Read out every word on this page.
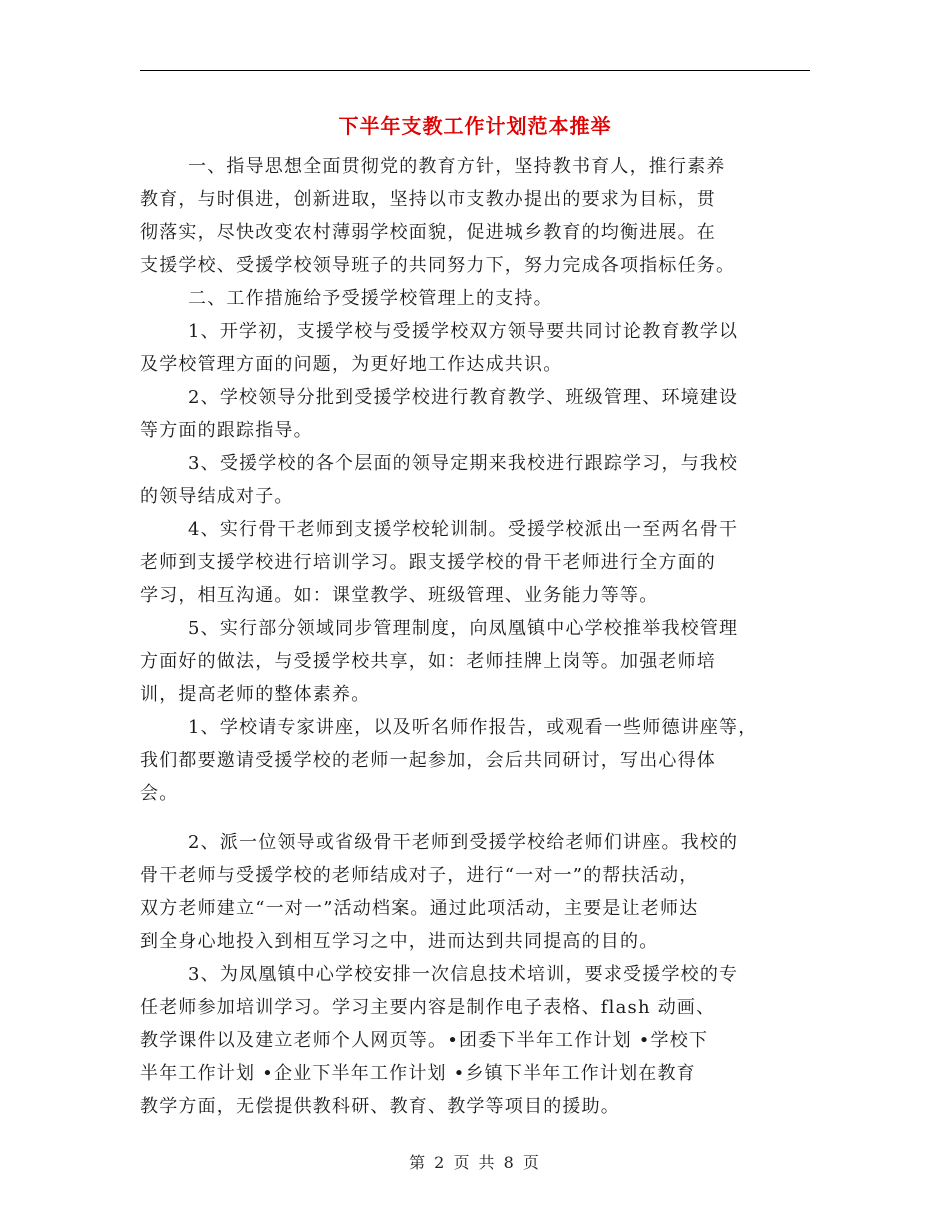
下半年支教工作计划范本推举

一、指导思想全面贯彻党的教育方针，坚持教书育人，推行素养
教育，与时俱进，创新进取，坚持以市支教办提出的要求为目标，贯
彻落实，尽快改变农村薄弱学校面貌，促进城乡教育的均衡进展。在
支援学校、受援学校领导班子的共同努力下，努力完成各项指标任务。

二、工作措施给予受援学校管理上的支持。

1、开学初，支援学校与受援学校双方领导要共同讨论教育教学以
及学校管理方面的问题，为更好地工作达成共识。

2、学校领导分批到受援学校进行教育教学、班级管理、环境建设
等方面的跟踪指导。

3、受援学校的各个层面的领导定期来我校进行跟踪学习，与我校
的领导结成对子。

4、实行骨干老师到支援学校轮训制。受援学校派出一至两名骨干
老师到支援学校进行培训学习。跟支援学校的骨干老师进行全方面的
学习，相互沟通。如：课堂教学、班级管理、业务能力等等。

5、实行部分领域同步管理制度，向凤凰镇中心学校推举我校管理
方面好的做法，与受援学校共享，如：老师挂牌上岗等。加强老师培
训，提高老师的整体素养。

1、学校请专家讲座，以及听名师作报告，或观看一些师德讲座等，
我们都要邀请受援学校的老师一起参加，会后共同研讨，写出心得体
会。

2、派一位领导或省级骨干老师到受援学校给老师们讲座。我校的
骨干老师与受援学校的老师结成对子，进行“一对一”的帮扶活动，
双方老师建立“一对一”活动档案。通过此项活动，主要是让老师达
到全身心地投入到相互学习之中，进而达到共同提高的目的。

3、为凤凰镇中心学校安排一次信息技术培训，要求受援学校的专
任老师参加培训学习。学习主要内容是制作电子表格、flash 动画、
教学课件以及建立老师个人网页等。•团委下半年工作计划 •学校下
半年工作计划 •企业下半年工作计划 •乡镇下半年工作计划在教育
教学方面，无偿提供教科研、教育、教学等项目的援助。

第 2 页 共 8 页
